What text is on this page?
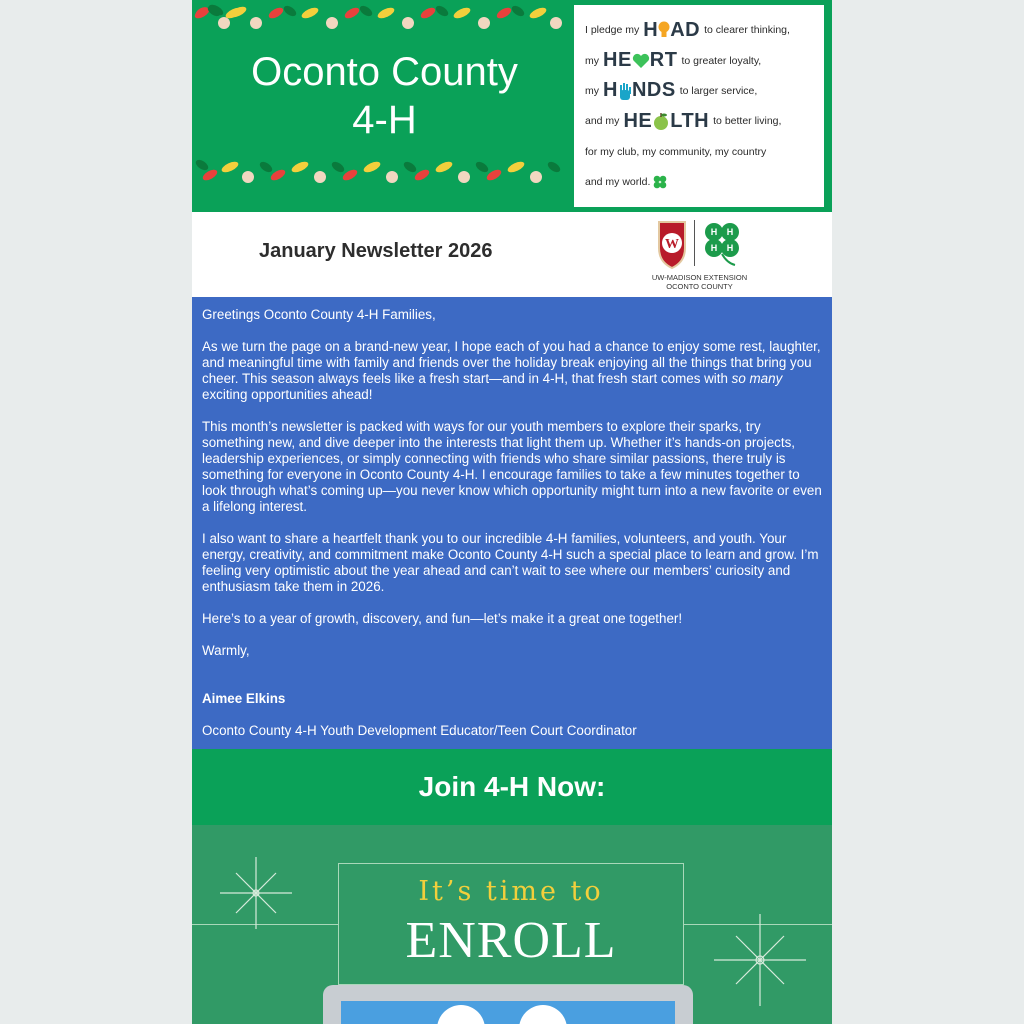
Oconto County
4-H
I pledge my H AD to clearer thinking,
my HE RT to greater loyalty,
my H NDS to larger service,
and my HE LTH to better living,
for my club, my community, my country
and my world.
January Newsletter 2026	W
H H
H H
UW-MADISON EXTENSION
OCONTO COUNTY

Greetings Oconto County 4-H Families,

As we turn the page on a brand-new year, I hope each of you had a chance to enjoy some rest, laughter, and meaningful time with family and friends over the holiday break enjoying all the things that bring you cheer. This season always feels like a fresh start—and in 4-H, that fresh start comes with so many exciting opportunities ahead!

This month’s newsletter is packed with ways for our youth members to explore their sparks, try something new, and dive deeper into the interests that light them up. Whether it’s hands-on projects, leadership experiences, or simply connecting with friends who share similar passions, there truly is something for everyone in Oconto County 4-H. I encourage families to take a few minutes together to look through what’s coming up—you never know which opportunity might turn into a new favorite or even a lifelong interest.

I also want to share a heartfelt thank you to our incredible 4-H families, volunteers, and youth. Your energy, creativity, and commitment make Oconto County 4-H such a special place to learn and grow. I’m feeling very optimistic about the year ahead and can’t wait to see where our members’ curiosity and enthusiasm take them in 2026.

Here’s to a year of growth, discovery, and fun—let’s make it a great one together!

Warmly,

Aimee Elkins

Oconto County 4-H Youth Development Educator/Teen Court Coordinator

Join 4-H Now:
It’s time to
ENROLL
